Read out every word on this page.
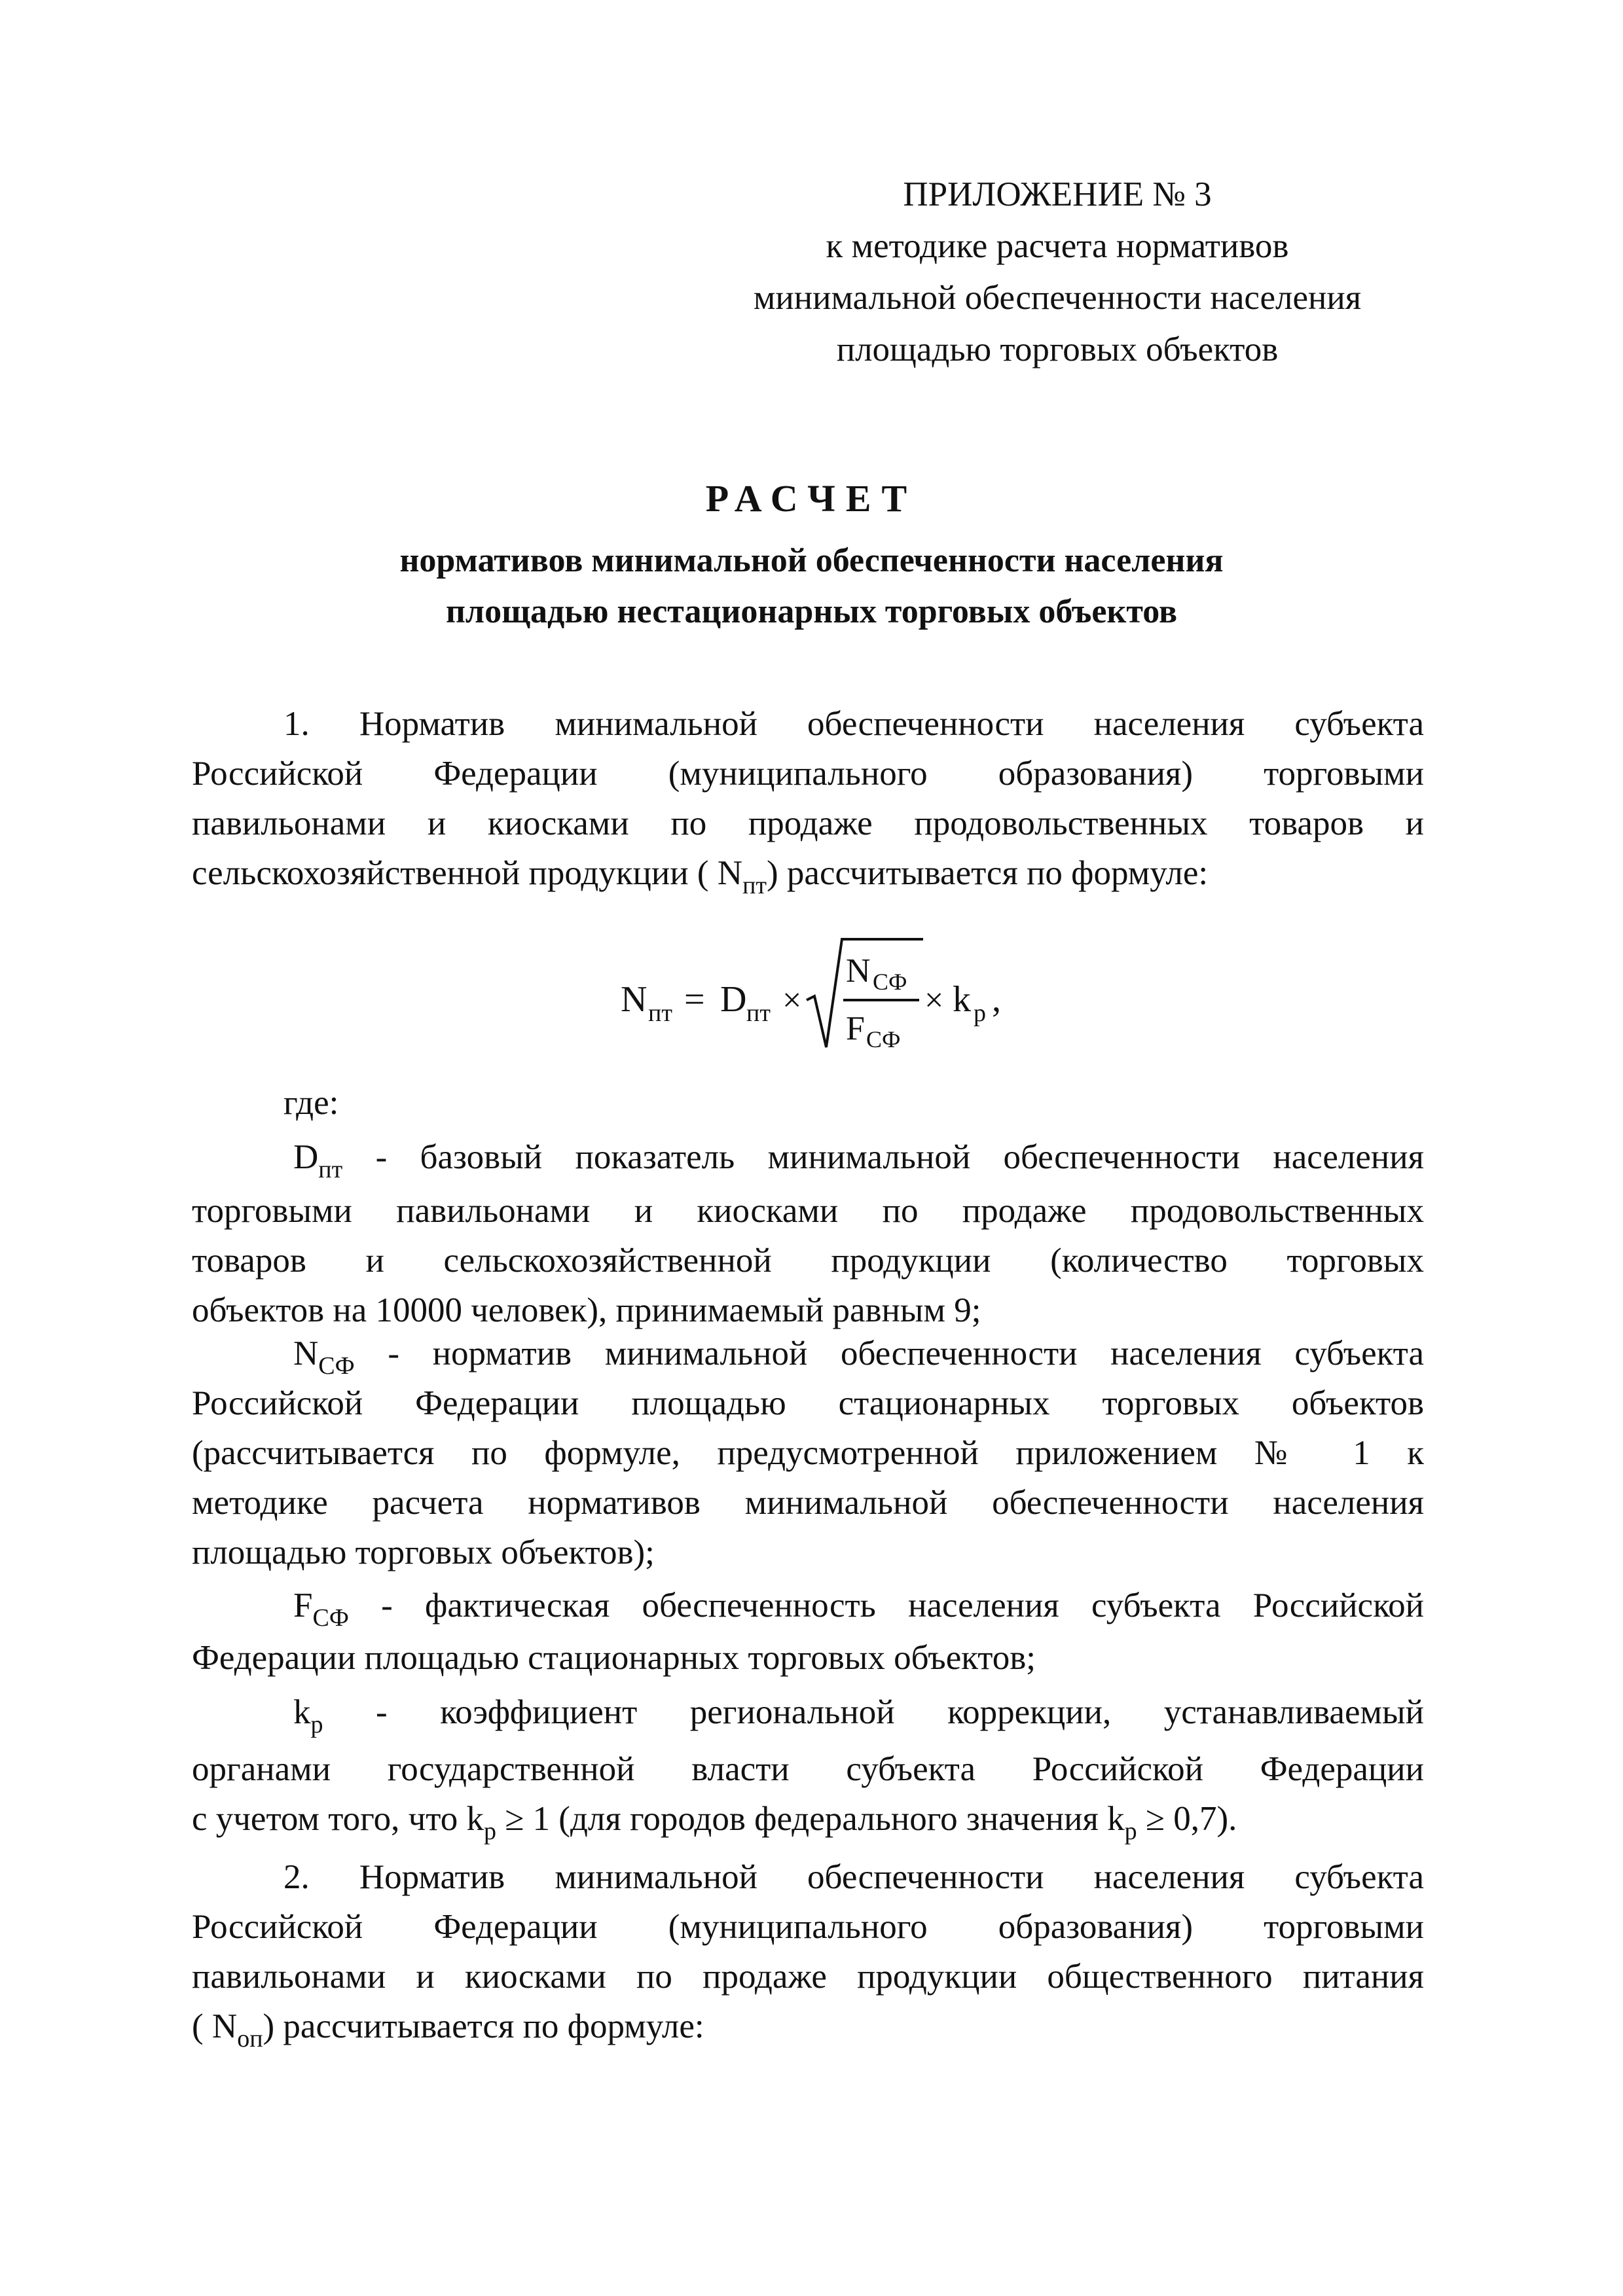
ПРИЛОЖЕНИЕ № 3
к методике расчета нормативов
минимальной обеспеченности населения
площадью торговых объектов
РАСЧЕТ
нормативов минимальной обеспеченности населения
площадью нестационарных торговых объектов
1. Норматив минимальной обеспеченности населения субъекта
Российской Федерации (муниципального образования) торговыми
павильонами и киосками по продаже продовольственных товаров и
сельскохозяйственной продукции ( $N_{пт}$) рассчитывается по формуле:
N пт = D пт ×
N СФ
F СФ
× k р ,
где:
$D_{пт}$ - базовый показатель минимальной обеспеченности населения
торговыми павильонами и киосками по продаже продовольственных
товаров и сельскохозяйственной продукции (количество торговых
объектов на 10000 человек), принимаемый равным 9;
$N_{СФ}$ - норматив минимальной обеспеченности населения субъекта
Российской Федерации площадью стационарных торговых объектов
(рассчитывается по формуле, предусмотренной приложением № 1 к
методике расчета нормативов минимальной обеспеченности населения
площадью торговых объектов);
$F_{СФ}$ - фактическая обеспеченность населения субъекта Российской
Федерации площадью стационарных торговых объектов;
$k_р$ - коэффициент региональной коррекции, устанавливаемый
органами государственной власти субъекта Российской Федерации
с учетом того, что $k_р \ge 1$ (для городов федерального значения $k_р \ge 0,7$).
2. Норматив минимальной обеспеченности населения субъекта
Российской Федерации (муниципального образования) торговыми
павильонами и киосками по продаже продукции общественного питания
( $N_{оп}$) рассчитывается по формуле:
